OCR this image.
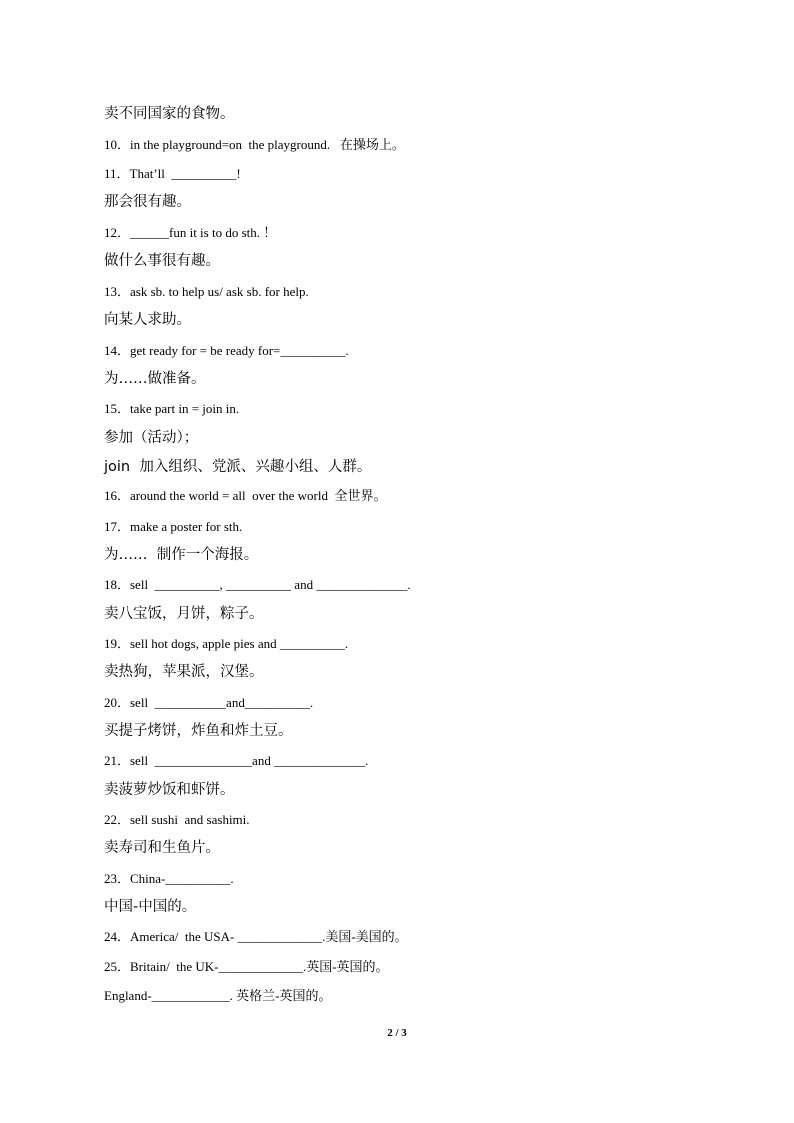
卖不同国家的食物。
10．in the playground=on  the playground.   在操场上。
11．That’ll  __________!
那会很有趣。
12．______fun it is to do sth. ！
做什么事很有趣。
13．ask sb. to help us/ ask sb. for help.
向某人求助。
14．get ready for = be ready for=__________.
为……做准备。
15．take part in = join in.
参加（活动）；
join  加入组织、党派、兴趣小组、人群。
16．around the world = all  over the world  全世界。
17．make a poster for sth.
为……  制作一个海报。
18．sell  __________, __________ and ______________.
卖八宝饭，月饼，粽子。
19．sell hot dogs, apple pies and __________.
卖热狗，苹果派，汉堡。
20．sell  ___________and__________.
买提子烤饼，炸鱼和炸土豆。
21．sell  _______________and ______________.
卖菠萝炒饭和虾饼。
22．sell sushi  and sashimi.
卖寿司和生鱼片。
23．China-__________.
中国-中国的。
24．America/  the USA- _____________.美国-美国的。
25．Britain/  the UK-_____________.英国-英国的。
England-____________. 英格兰-英国的。
2 / 3
